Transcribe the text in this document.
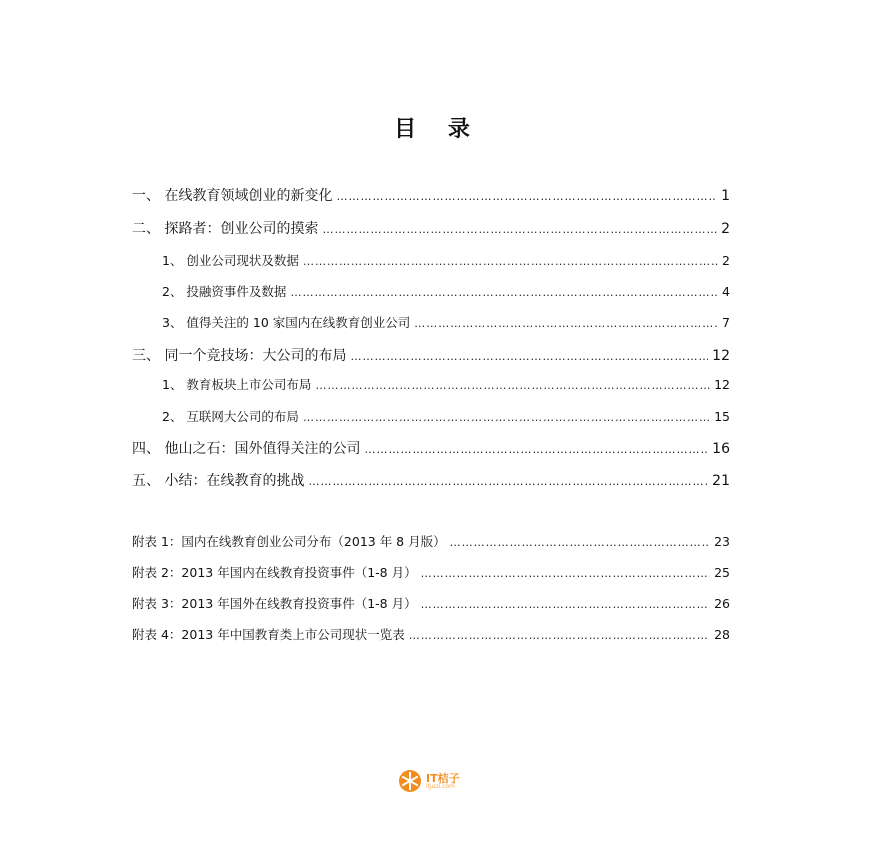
目 录
一、 在线教育领域创业的新变化 ………………………………………………………………………………………………………………………………………………	1
二、 探路者：创业公司的摸索 ………………………………………………………………………………………………………………………………………………	2
1、 创业公司现状及数据 ………………………………………………………………………………………………………………………………………………	2
2、 投融资事件及数据 ………………………………………………………………………………………………………………………………………………	4
3、 值得关注的 10 家国内在线教育创业公司 ………………………………………………………………………………………………………………………………………………	7
三、 同一个竞技场：大公司的布局 ………………………………………………………………………………………………………………………………………………	12
1、 教育板块上市公司布局 ………………………………………………………………………………………………………………………………………………	12
2、 互联网大公司的布局 ………………………………………………………………………………………………………………………………………………	15
四、 他山之石：国外值得关注的公司 ………………………………………………………………………………………………………………………………………………	16
五、 小结：在线教育的挑战 ………………………………………………………………………………………………………………………………………………	21
附表 1：国内在线教育创业公司分布（2013 年 8 月版） ………………………………………………………………………………………………………………………………………………	23
附表 2：2013 年国内在线教育投资事件（1-8 月） ………………………………………………………………………………………………………………………………………………	25
附表 3：2013 年国外在线教育投资事件（1-8 月） ………………………………………………………………………………………………………………………………………………	26
附表 4：2013 年中国教育类上市公司现状一览表 ………………………………………………………………………………………………………………………………………………	28
IT桔子
itjuzi.com
